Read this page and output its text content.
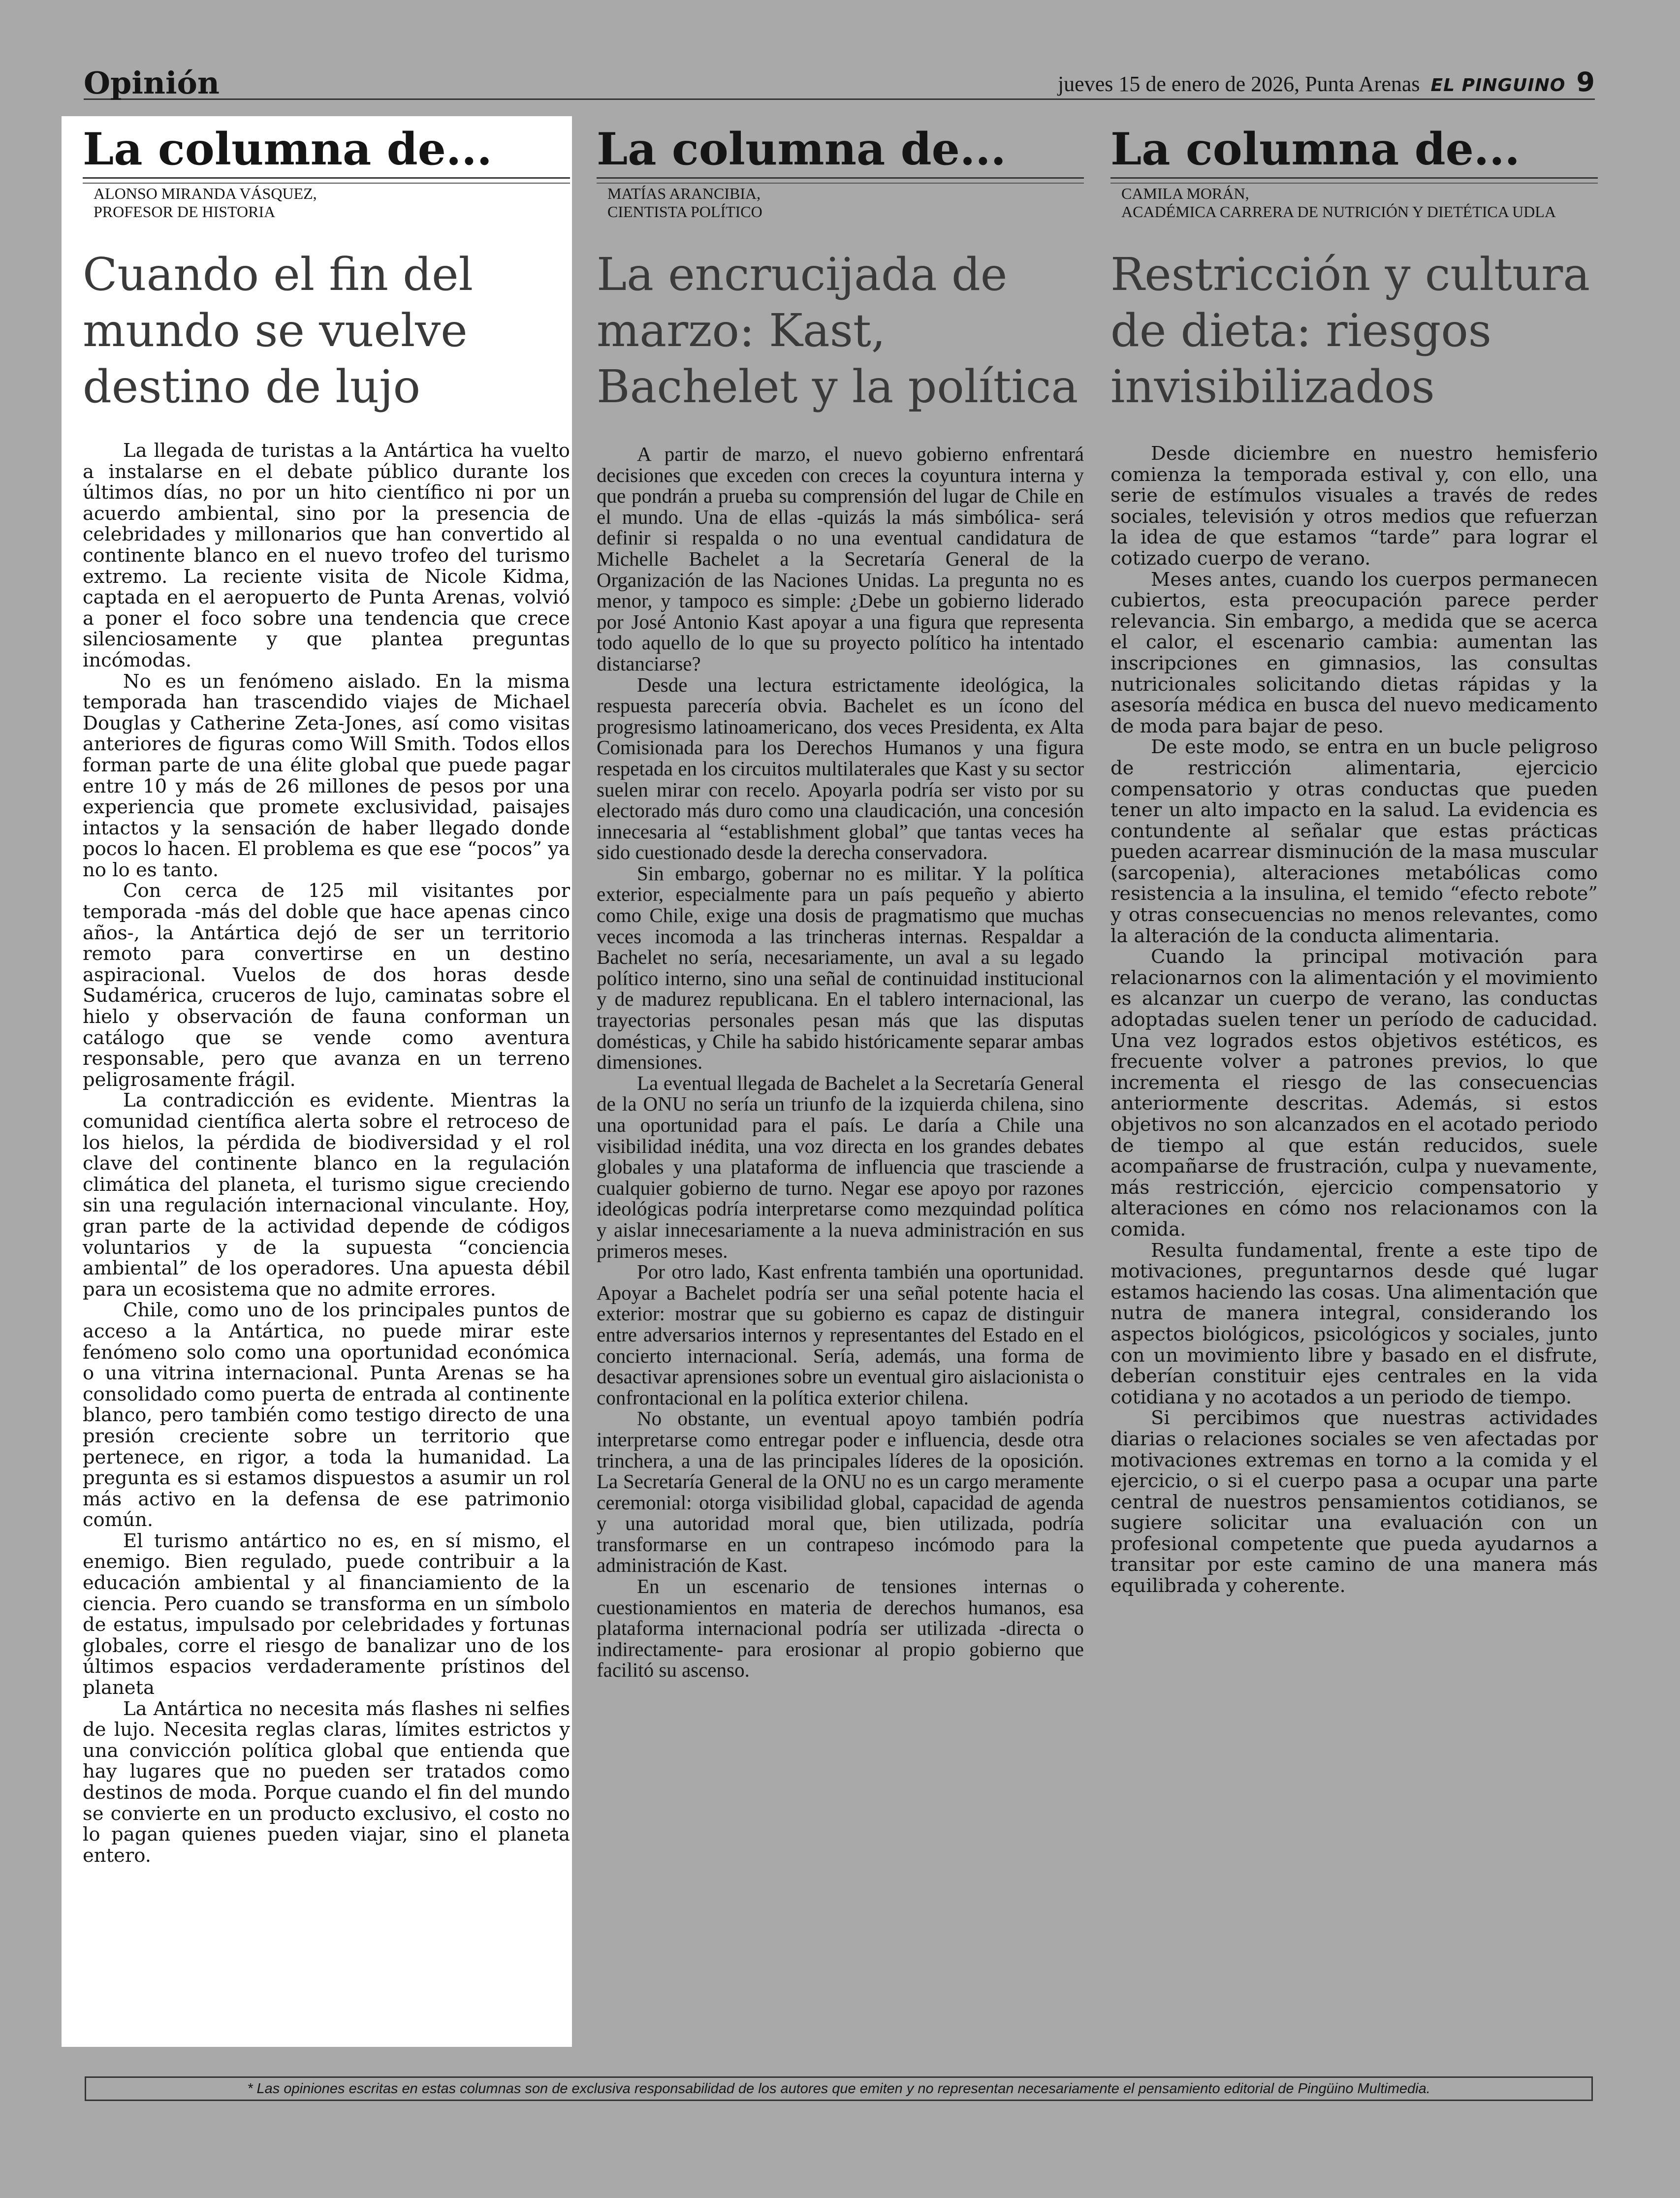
Opinión	jueves 15 de enero de 2026, Punta Arenas EL PINGUINO 9
La columna de...

ALONSO MIRANDA VÁSQUEZ,
PROFESOR DE HISTORIA

Cuando el fin del mundo se vuelve destino de lujo

La llegada de turistas a la Antártica ha vuelto a instalarse en el debate público durante los últimos días, no por un hito científico ni por un acuerdo ambiental, sino por la presencia de celebridades y millonarios que han convertido al continente blanco en el nuevo trofeo del turismo extremo. La reciente visita de Nicole Kidma, captada en el aeropuerto de Punta Arenas, volvió a poner el foco sobre una tendencia que crece silenciosamente y que plantea preguntas incómodas.

No es un fenómeno aislado. En la misma temporada han trascendido viajes de Michael Douglas y Catherine Zeta-Jones, así como visitas anteriores de figuras como Will Smith. Todos ellos forman parte de una élite global que puede pagar entre 10 y más de 26 millones de pesos por una experiencia que promete exclusividad, paisajes intactos y la sensación de haber llegado donde pocos lo hacen. El problema es que ese “pocos” ya no lo es tanto.

Con cerca de 125 mil visitantes por temporada -más del doble que hace apenas cinco años-, la Antártica dejó de ser un territorio remoto para convertirse en un destino aspiracional. Vuelos de dos horas desde Sudamérica, cruceros de lujo, caminatas sobre el hielo y observación de fauna conforman un catálogo que se vende como aventura responsable, pero que avanza en un terreno peligrosamente frágil.

La contradicción es evidente. Mientras la comunidad científica alerta sobre el retroceso de los hielos, la pérdida de biodiversidad y el rol clave del continente blanco en la regulación climática del planeta, el turismo sigue creciendo sin una regulación internacional vinculante. Hoy, gran parte de la actividad depende de códigos voluntarios y de la supuesta “conciencia ambiental” de los operadores. Una apuesta débil para un ecosistema que no admite errores.

Chile, como uno de los principales puntos de acceso a la Antártica, no puede mirar este fenómeno solo como una oportunidad económica o una vitrina internacional. Punta Arenas se ha consolidado como puerta de entrada al continente blanco, pero también como testigo directo de una presión creciente sobre un territorio que pertenece, en rigor, a toda la humanidad. La pregunta es si estamos dispuestos a asumir un rol más activo en la defensa de ese patrimonio común.

El turismo antártico no es, en sí mismo, el enemigo. Bien regulado, puede contribuir a la educación ambiental y al financiamiento de la ciencia. Pero cuando se transforma en un símbolo de estatus, impulsado por celebridades y fortunas globales, corre el riesgo de banalizar uno de los últimos espacios verdaderamente prístinos del planeta

La Antártica no necesita más flashes ni selfies de lujo. Necesita reglas claras, límites estrictos y una convicción política global que entienda que hay lugares que no pueden ser tratados como destinos de moda. Porque cuando el fin del mundo se convierte en un producto exclusivo, el costo no lo pagan quienes pueden viajar, sino el planeta entero.

La columna de...

MATÍAS ARANCIBIA,
CIENTISTA POLÍTICO

La encrucijada de marzo: Kast, Bachelet y la política

A partir de marzo, el nuevo gobierno enfrentará decisiones que exceden con creces la coyuntura interna y que pondrán a prueba su comprensión del lugar de Chile en el mundo. Una de ellas -quizás la más simbólica- será definir si respalda o no una eventual candidatura de Michelle Bachelet a la Secretaría General de la Organización de las Naciones Unidas. La pregunta no es menor, y tampoco es simple: ¿Debe un gobierno liderado por José Antonio Kast apoyar a una figura que representa todo aquello de lo que su proyecto político ha intentado distanciarse?

Desde una lectura estrictamente ideológica, la respuesta parecería obvia. Bachelet es un ícono del progresismo latinoamericano, dos veces Presidenta, ex Alta Comisionada para los Derechos Humanos y una figura respetada en los circuitos multilaterales que Kast y su sector suelen mirar con recelo. Apoyarla podría ser visto por su electorado más duro como una claudicación, una concesión innecesaria al “establishment global” que tantas veces ha sido cuestionado desde la derecha conservadora.

Sin embargo, gobernar no es militar. Y la política exterior, especialmente para un país pequeño y abierto como Chile, exige una dosis de pragmatismo que muchas veces incomoda a las trincheras internas. Respaldar a Bachelet no sería, necesariamente, un aval a su legado político interno, sino una señal de continuidad institucional y de madurez republicana. En el tablero internacional, las trayectorias personales pesan más que las disputas domésticas, y Chile ha sabido históricamente separar ambas dimensiones.

La eventual llegada de Bachelet a la Secretaría General de la ONU no sería un triunfo de la izquierda chilena, sino una oportunidad para el país. Le daría a Chile una visibilidad inédita, una voz directa en los grandes debates globales y una plataforma de influencia que trasciende a cualquier gobierno de turno. Negar ese apoyo por razones ideológicas podría interpretarse como mezquindad política y aislar innecesariamente a la nueva administración en sus primeros meses.

Por otro lado, Kast enfrenta también una oportunidad. Apoyar a Bachelet podría ser una señal potente hacia el exterior: mostrar que su gobierno es capaz de distinguir entre adversarios internos y representantes del Estado en el concierto internacional. Sería, además, una forma de desactivar aprensiones sobre un eventual giro aislacionista o confrontacional en la política exterior chilena.

No obstante, un eventual apoyo también podría interpretarse como entregar poder e influencia, desde otra trinchera, a una de las principales líderes de la oposición. La Secretaría General de la ONU no es un cargo meramente ceremonial: otorga visibilidad global, capacidad de agenda y una autoridad moral que, bien utilizada, podría transformarse en un contrapeso incómodo para la administración de Kast.

En un escenario de tensiones internas o cuestionamientos en materia de derechos humanos, esa plataforma internacional podría ser utilizada -directa o indirectamente- para erosionar al propio gobierno que facilitó su ascenso.

La columna de...

CAMILA MORÁN,
ACADÉMICA CARRERA DE NUTRICIÓN Y DIETÉTICA UDLA

Restricción y cultura de dieta: riesgos invisibilizados

Desde diciembre en nuestro hemisferio comienza la temporada estival y, con ello, una serie de estímulos visuales a través de redes sociales, televisión y otros medios que refuerzan la idea de que estamos “tarde” para lograr el cotizado cuerpo de verano.

Meses antes, cuando los cuerpos permanecen cubiertos, esta preocupación parece perder relevancia. Sin embargo, a medida que se acerca el calor, el escenario cambia: aumentan las inscripciones en gimnasios, las consultas nutricionales solicitando dietas rápidas y la asesoría médica en busca del nuevo medicamento de moda para bajar de peso.

De este modo, se entra en un bucle peligroso de restricción alimentaria, ejercicio compensatorio y otras conductas que pueden tener un alto impacto en la salud. La evidencia es contundente al señalar que estas prácticas pueden acarrear disminución de la masa muscular (sarcopenia), alteraciones metabólicas como resistencia a la insulina, el temido “efecto rebote” y otras consecuencias no menos relevantes, como la alteración de la conducta alimentaria.

Cuando la principal motivación para relacionarnos con la alimentación y el movimiento es alcanzar un cuerpo de verano, las conductas adoptadas suelen tener un período de caducidad. Una vez logrados estos objetivos estéticos, es frecuente volver a patrones previos, lo que incrementa el riesgo de las consecuencias anteriormente descritas. Además, si estos objetivos no son alcanzados en el acotado periodo de tiempo al que están reducidos, suele acompañarse de frustración, culpa y nuevamente, más restricción, ejercicio compensatorio y alteraciones en cómo nos relacionamos con la comida.

Resulta fundamental, frente a este tipo de motivaciones, preguntarnos desde qué lugar estamos haciendo las cosas. Una alimentación que nutra de manera integral, considerando los aspectos biológicos, psicológicos y sociales, junto con un movimiento libre y basado en el disfrute, deberían constituir ejes centrales en la vida cotidiana y no acotados a un periodo de tiempo.

Si percibimos que nuestras actividades diarias o relaciones sociales se ven afectadas por motivaciones extremas en torno a la comida y el ejercicio, o si el cuerpo pasa a ocupar una parte central de nuestros pensamientos cotidianos, se sugiere solicitar una evaluación con un profesional competente que pueda ayudarnos a transitar por este camino de una manera más equilibrada y coherente.

* Las opiniones escritas en estas columnas son de exclusiva responsabilidad de los autores que emiten y no representan necesariamente el pensamiento editorial de Pingüino Multimedia.
